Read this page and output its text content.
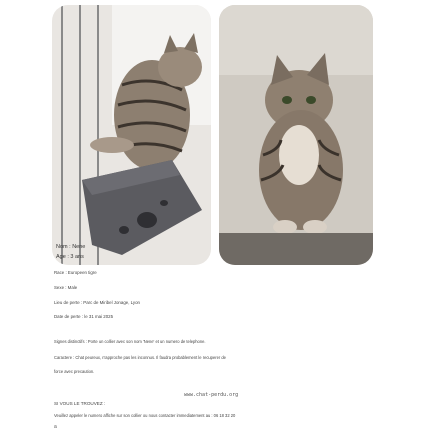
Nom : Nene
Age : 3 ans
Race : Europeen tigre
Sexe : Male
Lieu de perte : Parc de Miribel Jonage, Lyon
Date de perte : le 31 mai 2025
Signes distinctifs : Porte un collier avec son nom 'Nene' et un numero de telephone.
Caractere : Chat peureux, n'approche pas les inconnus. Il faudra probablement le recuperer de
force avec precaution.
www.chat-perdu.org
SI VOUS LE TROUVEZ :
Veuillez appeler le numero affiche sur son collier ou nous contacter immediatement au : 06 18 32 20
a
